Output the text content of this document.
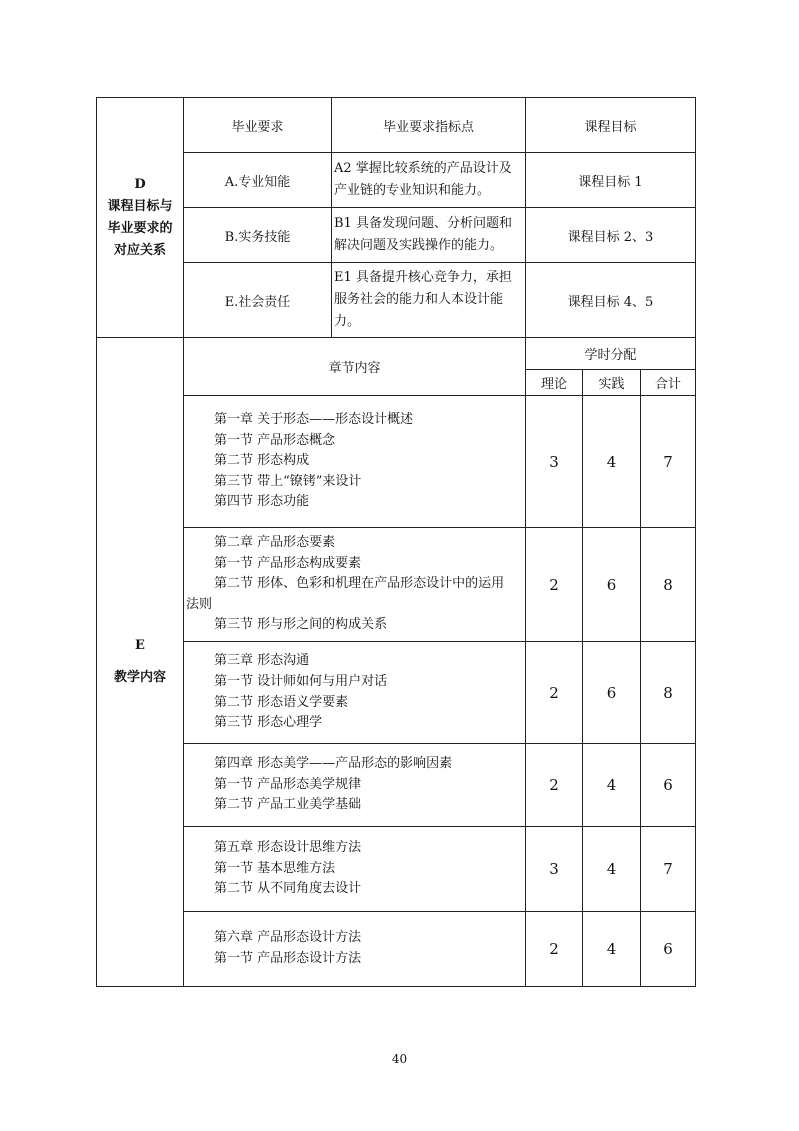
D
课程目标与
毕业要求的
对应关系	毕业要求	毕业要求指标点	课程目标		
	A.专业知能	A2 掌握比较系统的产品设计及产业链的专业知识和能力。	课程目标 1		
	B.实务技能	B1 具备发现问题、分析问题和解决问题及实践操作的能力。	课程目标 2、3		
	E.社会责任	E1 具备提升核心竞争力，承担服务社会的能力和人本设计能力。	课程目标 4、5		

E
教学内容	章节内容		学时分配		
			理论	实践	合计

	第一章 关于形态——形态设计概述
第一节 产品形态概念
第二节 形态构成
第三节 带上“镣铐”来设计
第四节 形态功能		3	4	7

	第二章 产品形态要素
第一节 产品形态构成要素
第二节 形体、色彩和机理在产品形态设计中的运用
法则
第三节 形与形之间的构成关系		2	6	8

	第三章 形态沟通
第一节 设计师如何与用户对话
第二节 形态语义学要素
第三节 形态心理学		2	6	8

	第四章 形态美学——产品形态的影响因素
第一节 产品形态美学规律
第二节 产品工业美学基础		2	4	6

	第五章 形态设计思维方法
第一节 基本思维方法
第二节 从不同角度去设计		3	4	7

	第六章 产品形态设计方法
第一节 产品形态设计方法		2	4	6
40
